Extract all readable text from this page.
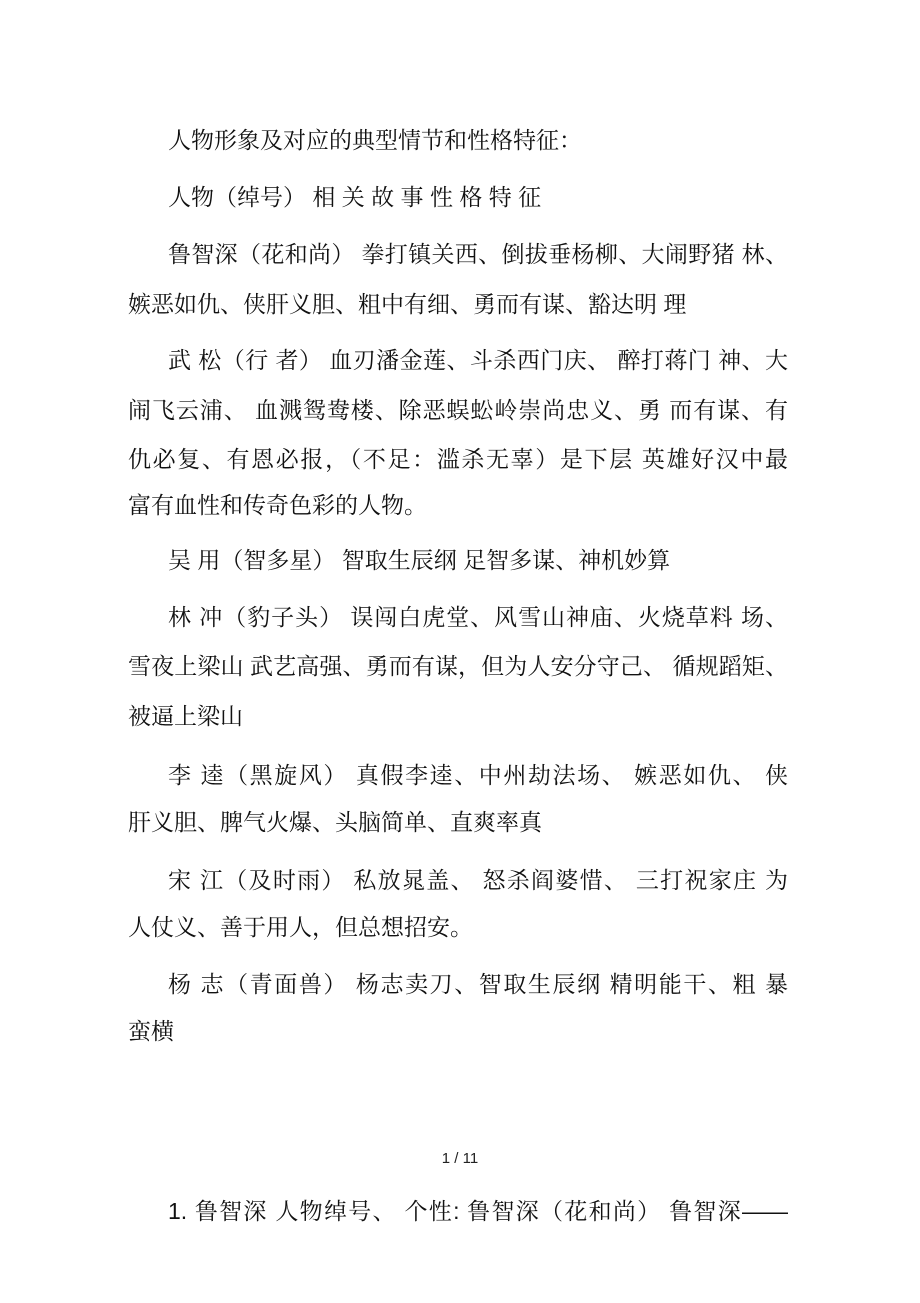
人物形象及对应的典型情节和性格特征：
人物（绰号） 相 关 故 事 性 格 特 征
鲁智深（花和尚） 拳打镇关西、倒拔垂杨柳、大闹野猪 林、
嫉恶如仇、侠肝义胆、粗中有细、勇而有谋、豁达明 理
武 松（行 者） 血刃潘金莲、斗杀西门庆、 醉打蒋门 神、大
闹飞云浦、 血溅鸳鸯楼、除恶蜈蚣岭崇尚忠义、勇 而有谋、有
仇必复、有恩必报，（不足：滥杀无辜）是下层 英雄好汉中最
富有血性和传奇色彩的人物。
吴 用（智多星） 智取生辰纲 足智多谋、神机妙算
林 冲（豹子头） 误闯白虎堂、风雪山神庙、火烧草料 场、
雪夜上梁山 武艺高强、勇而有谋，但为人安分守己、 循规蹈矩、
被逼上梁山
李 逵（黑旋风） 真假李逵、中州劫法场、 嫉恶如仇、 侠
肝义胆、脾气火爆、头脑简单、直爽率真
宋 江（及时雨） 私放晁盖、 怒杀阎婆惜、 三打祝家庄 为
人仗义、善于用人，但总想招安。
杨 志（青面兽） 杨志卖刀、智取生辰纲 精明能干、粗 暴
蛮横
1 / 11
1. 鲁智深 人物绰号、 个性: 鲁智深（花和尚） 鲁智深——
